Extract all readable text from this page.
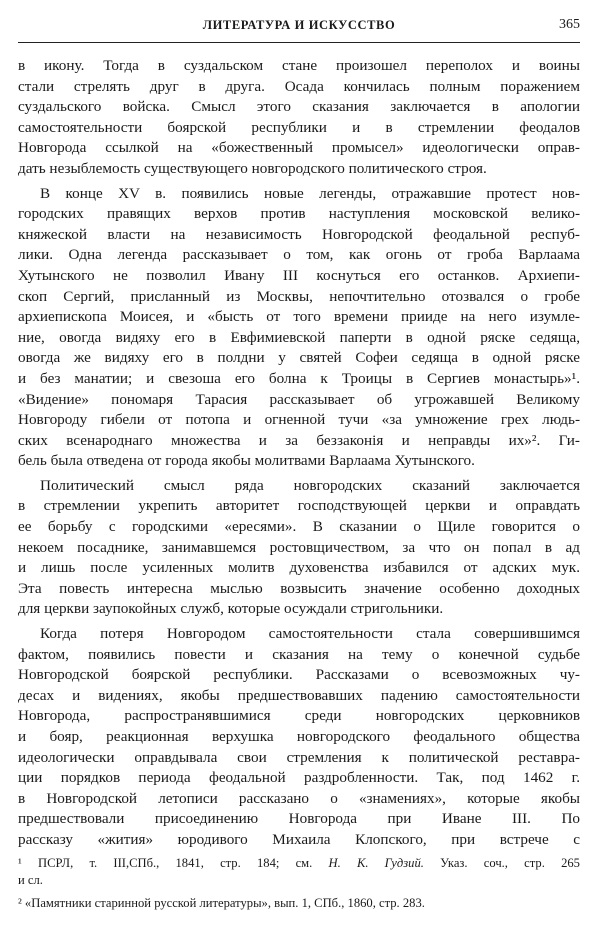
ЛИТЕРАТУРА И ИСКУССТВО	365
в икону. Тогда в суздальском стане произошел переполох и воины
стали стрелять друг в друга. Осада кончилась полным поражением
суздальского войска. Смысл этого сказания заключается в апологии
самостоятельности боярской республики и в стремлении феодалов
Новгорода ссылкой на «божественный промысел» идеологически оправ-
дать незыблемость существующего новгородского политического строя.
В конце XV в. появились новые легенды, отражавшие протест нов-
городских правящих верхов против наступления московской велико-
княжеской власти на независимость Новгородской феодальной респуб-
лики. Одна легенда рассказывает о том, как огонь от гроба Варлаама
Хутынского не позволил Ивану III коснуться его останков. Архиепи-
скоп Сергий, присланный из Москвы, непочтительно отозвался о гробе
архиепископа Моисея, и «бысть от того времени прииде на него изумле-
ние, овогда видяху его в Евфимиевской паперти в одной ряске седяща,
овогда же видяху его в полдни у святей Софеи седяща в одной ряске
и без манатии; и свезоша его болна к Троицы в Сергиев монастырь»¹.
«Видение» пономаря Тарасия рассказывает об угрожавшей Великому
Новгороду гибели от потопа и огненной тучи «за умножение грех людь-
ских всенароднаго множества и за беззаконія и неправды их»². Ги-
бель была отведена от города якобы молитвами Варлаама Хутынского.
Политический смысл ряда новгородских сказаний заключается
в стремлении укрепить авторитет господствующей церкви и оправдать
ее борьбу с городскими «ересями». В сказании о Щиле говорится о
некоем посаднике, занимавшемся ростовщичеством, за что он попал в ад
и лишь после усиленных молитв духовенства избавился от адских мук.
Эта повесть интересна мыслью возвысить значение особенно доходных
для церкви заупокойных служб, которые осуждали стригольники.
Когда потеря Новгородом самостоятельности стала совершившимся
фактом, появились повести и сказания на тему о конечной судьбе
Новгородской боярской республики. Рассказами о всевозможных чу-
десах и видениях, якобы предшествовавших падению самостоятельности
Новгорода, распространявшимися среди новгородских церковников
и бояр, реакционная верхушка новгородского феодального общества
идеологически оправдывала свои стремления к политической реставра-
ции порядков периода феодальной раздробленности. Так, под 1462 г.
в Новгородской летописи рассказано о «знамениях», которые якобы
предшествовали присоединению Новгорода при Иване III. По
рассказу «жития» юродивого Михаила Клопского, при встрече с
¹ ПСРЛ, т. III,СПб., 1841, стр. 184; см. Н. К. Гудзий. Указ. соч., стр. 265
и сл.
² «Памятники старинной русской литературы», вып. 1, СПб., 1860, стр. 283.
